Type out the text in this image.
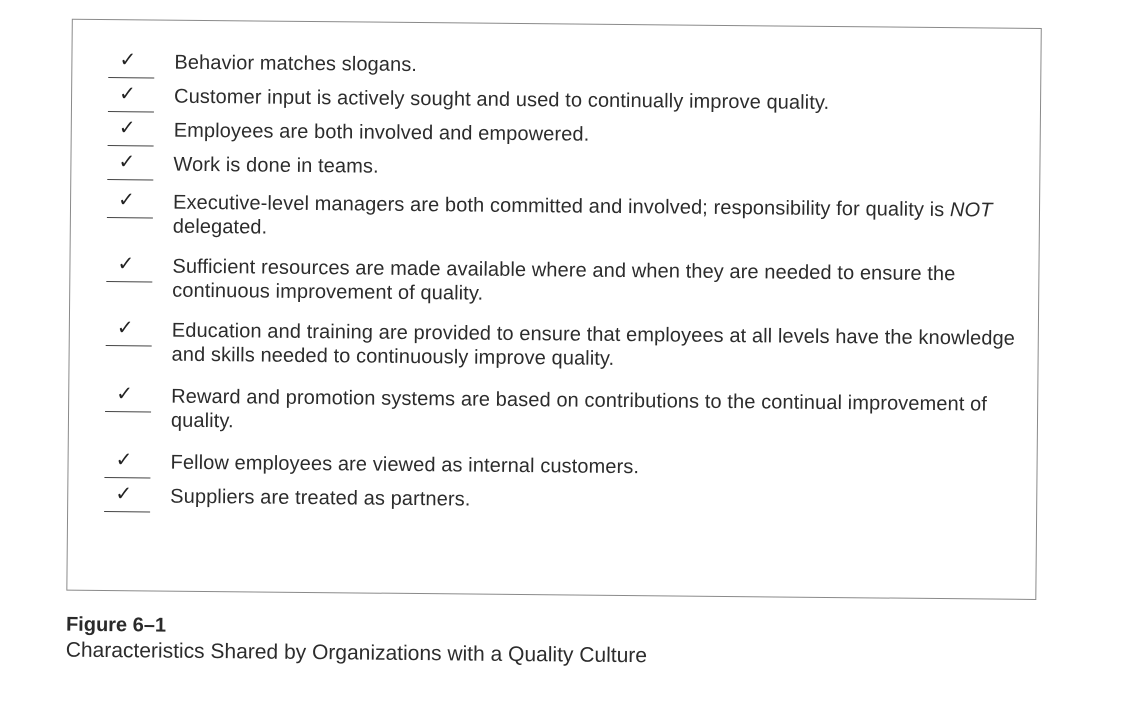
✓ Behavior matches slogans.
✓ Customer input is actively sought and used to continually improve quality.
✓ Employees are both involved and empowered.
✓ Work is done in teams.
✓ Executive-level managers are both committed and involved; responsibility for quality is NOT delegated.
✓ Sufficient resources are made available where and when they are needed to ensure the continuous improvement of quality.
✓ Education and training are provided to ensure that employees at all levels have the knowledge and skills needed to continuously improve quality.
✓ Reward and promotion systems are based on contributions to the continual improvement of quality.
✓ Fellow employees are viewed as internal customers.
✓ Suppliers are treated as partners.
Figure 6–1
Characteristics Shared by Organizations with a Quality Culture
